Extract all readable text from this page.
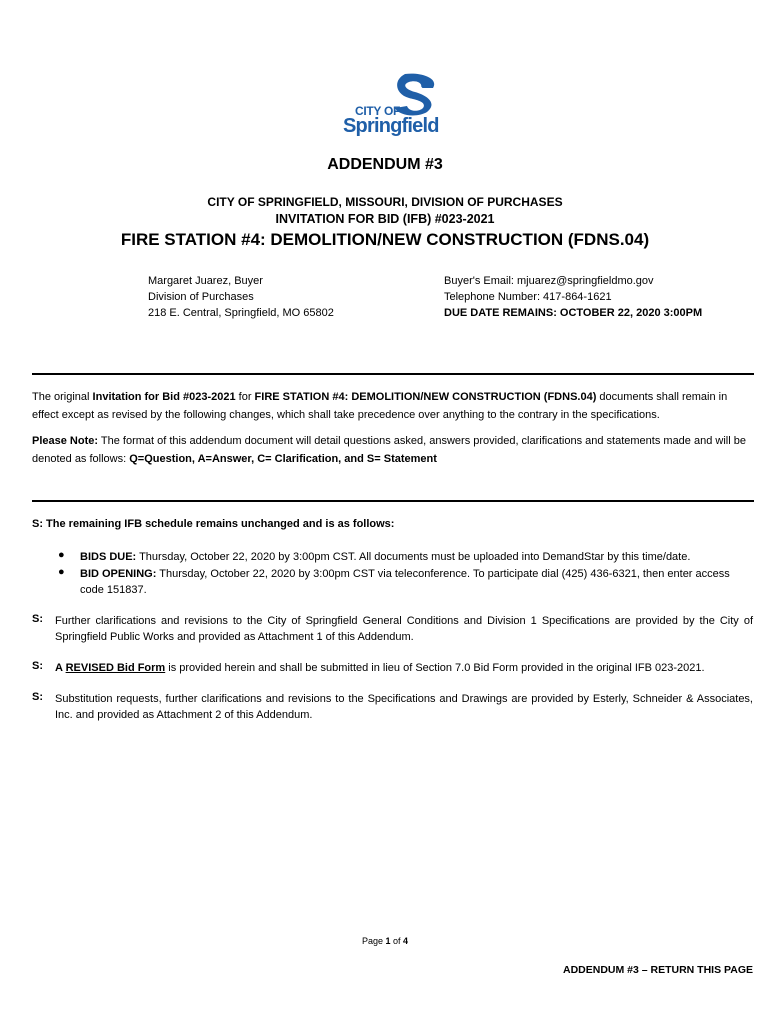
CITY OF
Springfield
ADDENDUM #3
CITY OF SPRINGFIELD, MISSOURI, DIVISION OF PURCHASES
INVITATION FOR BID (IFB) #023-2021
FIRE STATION #4: DEMOLITION/NEW CONSTRUCTION (FDNS.04)
Margaret Juarez, Buyer
Division of Purchases
218 E. Central, Springfield, MO 65802
Buyer's Email: mjuarez@springfieldmo.gov
Telephone Number: 417-864-1621
DUE DATE REMAINS: OCTOBER 22, 2020 3:00PM
The original Invitation for Bid #023-2021 for FIRE STATION #4: DEMOLITION/NEW CONSTRUCTION (FDNS.04) documents shall remain in effect except as revised by the following changes, which shall take precedence over anything to the contrary in the specifications.
Please Note: The format of this addendum document will detail questions asked, answers provided, clarifications and statements made and will be denoted as follows: Q=Question, A=Answer, C= Clarification, and S= Statement
S: The remaining IFB schedule remains unchanged and is as follows:
● BIDS DUE: Thursday, October 22, 2020 by 3:00pm CST. All documents must be uploaded into DemandStar by this time/date.
● BID OPENING: Thursday, October 22, 2020 by 3:00pm CST via teleconference. To participate dial (425) 436-6321, then enter access code 151837.
S: Further clarifications and revisions to the City of Springfield General Conditions and Division 1 Specifications are provided by the City of Springfield Public Works and provided as Attachment 1 of this Addendum.
S: A REVISED Bid Form is provided herein and shall be submitted in lieu of Section 7.0 Bid Form provided in the original IFB 023-2021.
S: Substitution requests, further clarifications and revisions to the Specifications and Drawings are provided by Esterly, Schneider & Associates, Inc. and provided as Attachment 2 of this Addendum.
Page 1 of 4
ADDENDUM #3 – RETURN THIS PAGE
